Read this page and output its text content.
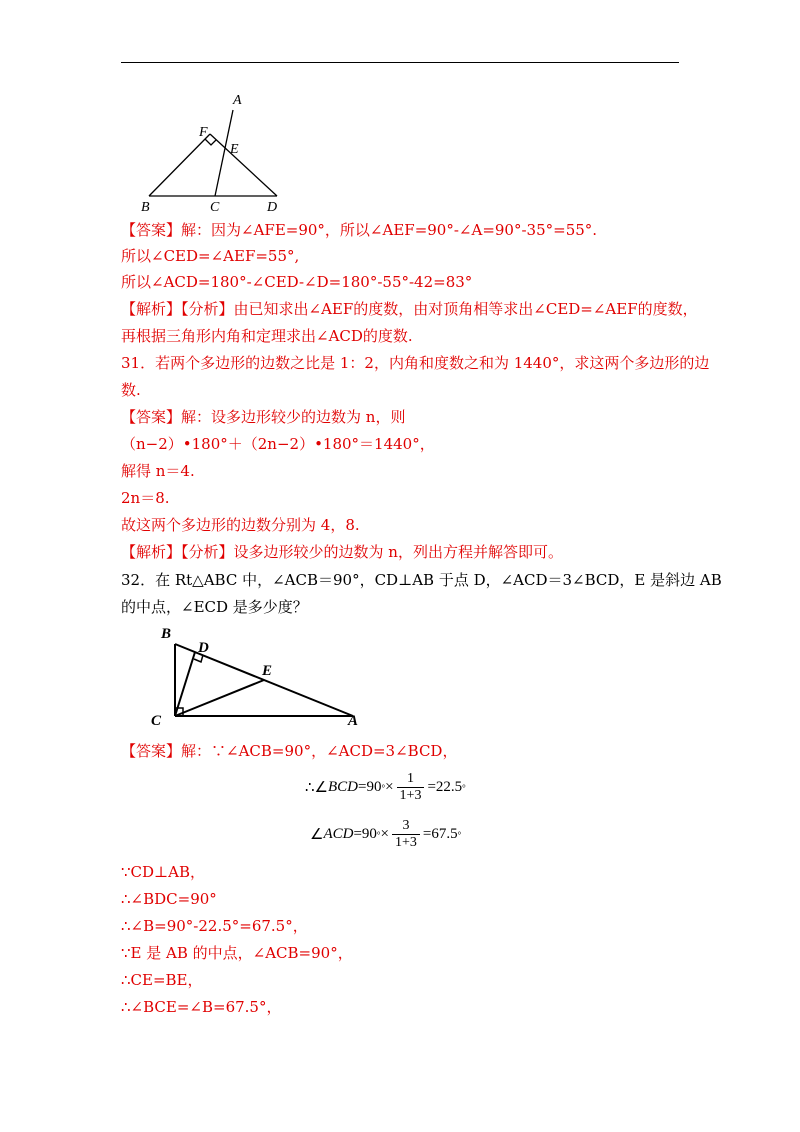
A
F
E
B	C	D
【答案】解：因为∠AFE=90°，所以∠AEF=90°-∠A=90°-35°=55°.
所以∠CED=∠AEF=55°,
所以∠ACD=180°-∠CED-∠D=180°-55°-42=83°
【解析】【分析】由已知求出∠AEF的度数，由对顶角相等求出∠CED=∠AEF的度数，
再根据三角形内角和定理求出∠ACD的度数.
31．若两个多边形的边数之比是 1：2，内角和度数之和为 1440°，求这两个多边形的边
数.
【答案】解：设多边形较少的边数为 n，则
（n−2）•180°＋（2n−2）•180°＝1440°，
解得 n＝4.
2n＝8.
故这两个多边形的边数分别为 4，8.
【解析】【分析】设多边形较少的边数为 n，列出方程并解答即可。
32．在 Rt△ABC 中，∠ACB＝90°，CD⊥AB 于点 D，∠ACD＝3∠BCD，E 是斜边 AB
的中点，∠ECD 是多少度？
B
D
E
C	A
【答案】解：∵∠ACB=90°，∠ACD=3∠BCD，
∴∠ BCD =90 ° × $\frac{1}{1+3} =22.5$ °
∠ ACD =90 ° × $\frac{3}{1+3} =67.5$ °
∵CD⊥AB，
∴∠BDC=90°
∴∠B=90°-22.5°=67.5°，
∵E 是 AB 的中点，∠ACB=90°，
∴CE=BE，
∴∠BCE=∠B=67.5°，
